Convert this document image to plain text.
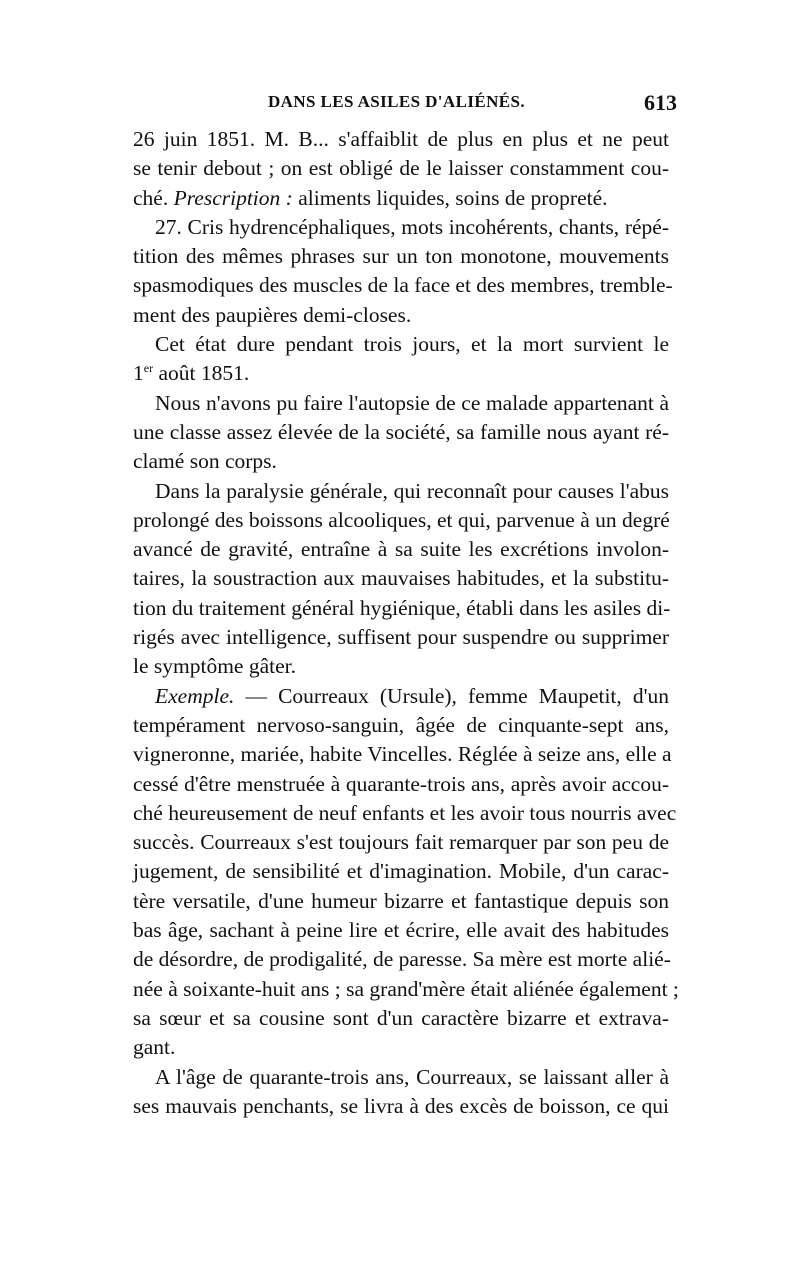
DANS LES ASILES D'ALIÉNÉS.	613
26 juin 1851. M. B... s'affaiblit de plus en plus et ne peut
se tenir debout ; on est obligé de le laisser constamment cou-
ché. Prescription : aliments liquides, soins de propreté.
27. Cris hydrencéphaliques, mots incohérents, chants, répé-
tition des mêmes phrases sur un ton monotone, mouvements
spasmodiques des muscles de la face et des membres, tremble-
ment des paupières demi-closes.
Cet état dure pendant trois jours, et la mort survient le
1er août 1851.
Nous n'avons pu faire l'autopsie de ce malade appartenant à
une classe assez élevée de la société, sa famille nous ayant ré-
clamé son corps.
Dans la paralysie générale, qui reconnaît pour causes l'abus
prolongé des boissons alcooliques, et qui, parvenue à un degré
avancé de gravité, entraîne à sa suite les excrétions involon-
taires, la soustraction aux mauvaises habitudes, et la substitu-
tion du traitement général hygiénique, établi dans les asiles di-
rigés avec intelligence, suffisent pour suspendre ou supprimer
le symptôme gâter.
Exemple. — Courreaux (Ursule), femme Maupetit, d'un
tempérament nervoso-sanguin, âgée de cinquante-sept ans,
vigneronne, mariée, habite Vincelles. Réglée à seize ans, elle a
cessé d'être menstruée à quarante-trois ans, après avoir accou-
ché heureusement de neuf enfants et les avoir tous nourris avec
succès. Courreaux s'est toujours fait remarquer par son peu de
jugement, de sensibilité et d'imagination. Mobile, d'un carac-
tère versatile, d'une humeur bizarre et fantastique depuis son
bas âge, sachant à peine lire et écrire, elle avait des habitudes
de désordre, de prodigalité, de paresse. Sa mère est morte alié-
née à soixante-huit ans ; sa grand'mère était aliénée également ;
sa sœur et sa cousine sont d'un caractère bizarre et extrava-
gant.
A l'âge de quarante-trois ans, Courreaux, se laissant aller à
ses mauvais penchants, se livra à des excès de boisson, ce qui
